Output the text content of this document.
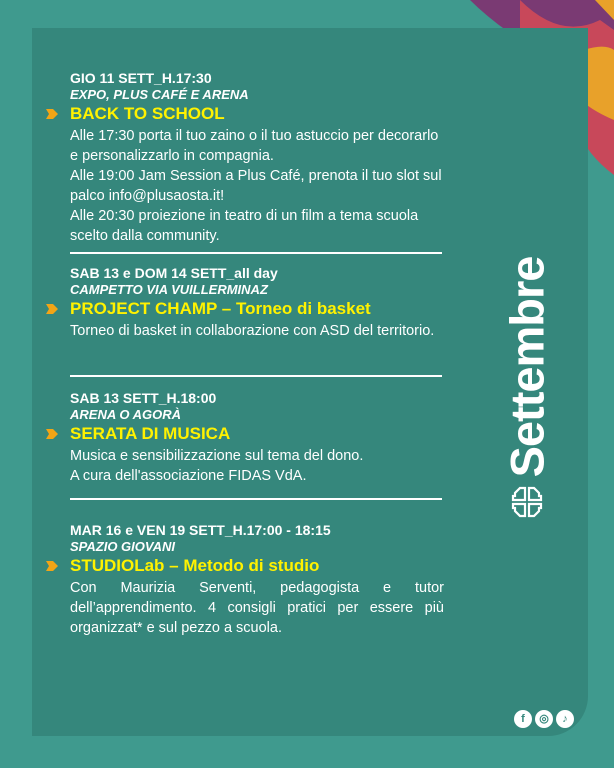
GIO 11 SETT_H.17:30
EXPO, PLUS CAFÉ E ARENA
BACK TO SCHOOL
Alle 17:30 porta il tuo zaino o il tuo astuccio per decorarlo e personalizzarlo in compagnia.
Alle 19:00 Jam Session a Plus Café, prenota il tuo slot sul palco info@plusaosta.it!
Alle 20:30 proiezione in teatro di un film a tema scuola scelto dalla community.
SAB 13 e DOM 14 SETT_all day
CAMPETTO VIA VUILLERMINAZ
PROJECT CHAMP – Torneo di basket
Torneo di basket in collaborazione con ASD del territorio.
SAB 13 SETT_H.18:00
ARENA O AGORÀ
SERATA DI MUSICA
Musica e sensibilizzazione sul tema del dono.
A cura dell'associazione FIDAS VdA.
MAR 16 e VEN 19 SETT_H.17:00 - 18:15
SPAZIO GIOVANI
STUDIOLab – Metodo di studio
Con Maurizia Serventi, pedagogista e tutor dell’apprendimento. 4 consigli pratici per essere più organizzat* e sul pezzo a scuola.
Settembre
f	◎	♪
